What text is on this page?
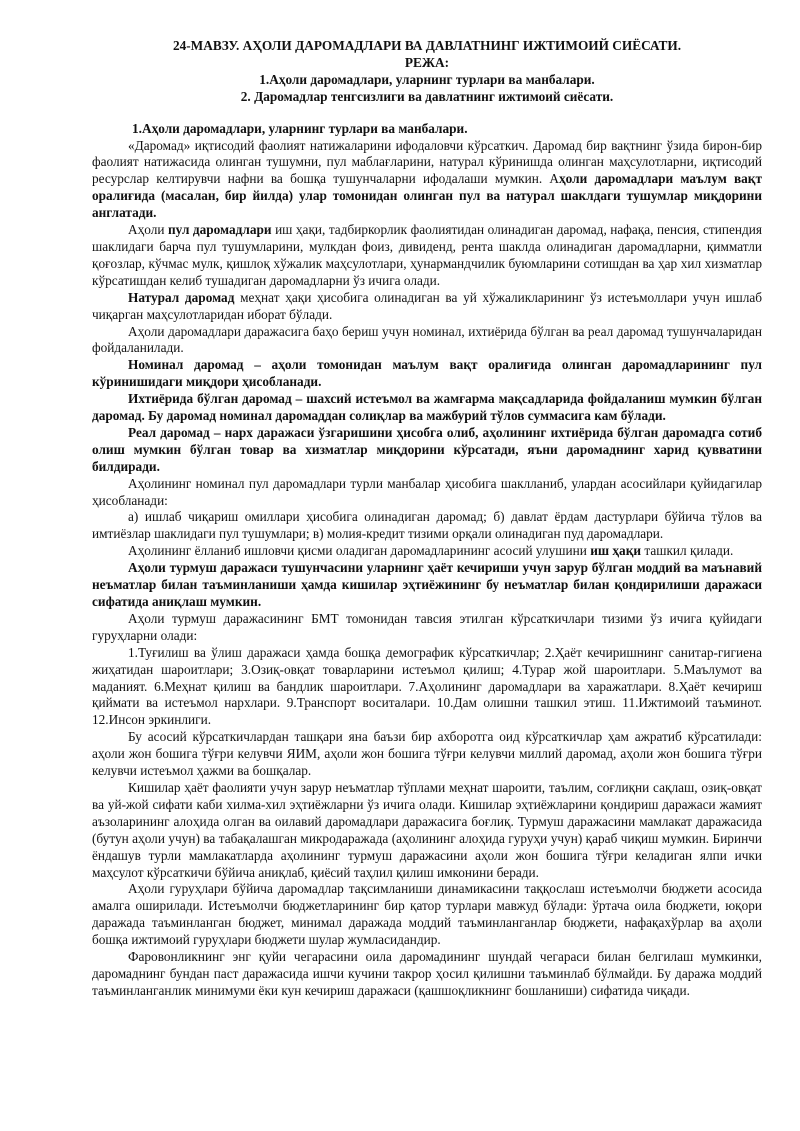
24-МАВЗУ. АҲОЛИ ДАРОМАДЛАРИ ВА ДАВЛАТНИНГ ИЖТИМОИЙ СИЁСАТИ.
РЕЖА:
1.Аҳоли даромадлари, уларнинг турлари ва манбалари.
2. Даромадлар тенгсизлиги ва давлатнинг ижтимоий сиёсати.

1.Аҳоли даромадлари, уларнинг турлари ва манбалари.

«Даромад» иқтисодий фаолият натижаларини ифодаловчи кўрсаткич. Даромад бир вақтнинг ўзида бирон-бир фаолият натижасида олинган тушумни, пул маблағларини, натурал кўринишда олинган маҳсулотларни, иқтисодий ресурслар келтирувчи нафни ва бошқа тушунчаларни ифодалаши мумкин. Аҳоли даромадлари маълум вақт оралиғида (масалан, бир йилда) улар томонидан олинган пул ва натурал шаклдаги тушумлар миқдорини англатади.

Аҳоли пул даромадлари иш ҳақи, тадбиркорлик фаолиятидан олинадиган даромад, нафақа, пенсия, стипендия шаклидаги барча пул тушумларини, мулкдан фоиз, дивиденд, рента шаклда олинадиган даромадларни, қимматли қоғозлар, кўчмас мулк, қишлоқ хўжалик маҳсулотлари, ҳунармандчилик буюмларини сотишдан ва ҳар хил хизматлар кўрсатишдан келиб тушадиган даромадларни ўз ичига олади.

Натурал даромад меҳнат ҳақи ҳисобига олинадиган ва уй хўжаликларининг ўз истеъмоллари учун ишлаб чиқарган маҳсулотларидан иборат бўлади.

Аҳоли даромадлари даражасига баҳо бериш учун номинал, ихтиёрида бўлган ва реал даромад тушунчаларидан фойдаланилади.

Номинал даромад – аҳоли томонидан маълум вақт оралиғида олинган даромадларининг пул кўринишидаги миқдори ҳисобланади.

Ихтиёрида бўлган даромад – шахсий истеъмол ва жамғарма мақсадларида фойдаланиш мумкин бўлган даромад. Бу даромад номинал даромаддан солиқлар ва мажбурий тўлов суммасига кам бўлади.

Реал даромад – нарх даражаси ўзгаришини ҳисобга олиб, аҳолининг ихтиёрида бўлган даромадга сотиб олиш мумкин бўлган товар ва хизматлар миқдорини кўрсатади, яъни даромаднинг харид қувватини билдиради.

Аҳолининг номинал пул даромадлари турли манбалар ҳисобига шаклланиб, улардан асосийлари қуйидагилар ҳисобланади:

а) ишлаб чиқариш омиллари ҳисобига олинадиган даромад; б) давлат ёрдам дастурлари бўйича тўлов ва имтиёзлар шаклидаги пул тушумлари; в) молия-кредит тизими орқали олинадиган пуд даромадлари.

Аҳолининг ёлланиб ишловчи қисми оладиган даромадларининг асосий улушини иш ҳақи ташкил қилади.

Аҳоли турмуш даражаси тушунчасини уларнинг ҳаёт кечириши учун зарур бўлган моддий ва маънавий неъматлар билан таъминланиши ҳамда кишилар эҳтиёжининг бу неъматлар билан қондирилиши даражаси сифатида аниқлаш мумкин.

Аҳоли турмуш даражасининг БМТ томонидан тавсия этилган кўрсаткичлари тизими ўз ичига қуйидаги гуруҳларни олади:

1.Туғилиш ва ўлиш даражаси ҳамда бошқа демографик кўрсаткичлар; 2.Ҳаёт кечиришнинг санитар-гигиена жиҳатидан шароитлари; 3.Озиқ-овқат товарларини истеъмол қилиш; 4.Турар жой шароитлари. 5.Маълумот ва маданият. 6.Меҳнат қилиш ва бандлик шароитлари. 7.Аҳолининг даромадлари ва харажатлари. 8.Ҳаёт кечириш қиймати ва истеъмол нархлари. 9.Транспорт воситалари. 10.Дам олишни ташкил этиш. 11.Ижтимоий таъминот. 12.Инсон эркинлиги.

Бу асосий кўрсаткичлардан ташқари яна баъзи бир ахборотга оид кўрсаткичлар ҳам ажратиб кўрсатилади: аҳоли жон бошига тўғри келувчи ЯИМ, аҳоли жон бошига тўғри келувчи миллий даромад, аҳоли жон бошига тўғри келувчи истеъмол ҳажми ва бошқалар.

Кишилар ҳаёт фаолияти учун зарур неъматлар тўплами меҳнат шароити, таълим, соғлиқни сақлаш, озиқ-овқат ва уй-жой сифати каби хилма-хил эҳтиёжларни ўз ичига олади. Кишилар эҳтиёжларини қондириш даражаси жамият аъзоларининг алоҳида олган ва оилавий даромадлари даражасига боғлиқ. Турмуш даражасини мамлакат даражасида (бутун аҳоли учун) ва табақалашган микродаражада (аҳолининг алоҳида гуруҳи учун) қараб чиқиш мумкин. Биринчи ёндашув турли мамлакатларда аҳолининг турмуш даражасини аҳоли жон бошига тўғри келадиган ялпи ички маҳсулот кўрсаткичи бўйича аниқлаб, қиёсий таҳлил қилиш имконини беради.

Аҳоли гуруҳлари бўйича даромадлар тақсимланиши динамикасини таққослаш истеъмолчи бюджети асосида амалга оширилади. Истеъмолчи бюджетларининг бир қатор турлари мавжуд бўлади: ўртача оила бюджети, юқори даражада таъминланган бюджет, минимал даражада моддий таъминланганлар бюджети, нафақахўрлар ва аҳоли бошқа ижтимоий гуруҳлари бюджети шулар жумласидандир.

Фаровонликнинг энг қуйи чегарасини оила даромадининг шундай чегараси билан белгилаш мумкинки, даромаднинг бундан паст даражасида ишчи кучини такрор ҳосил қилишни таъминлаб бўлмайди. Бу даража моддий таъминланганлик минимуми ёки кун кечириш даражаси (қашшоқликнинг бошланиши) сифатида чиқади.
